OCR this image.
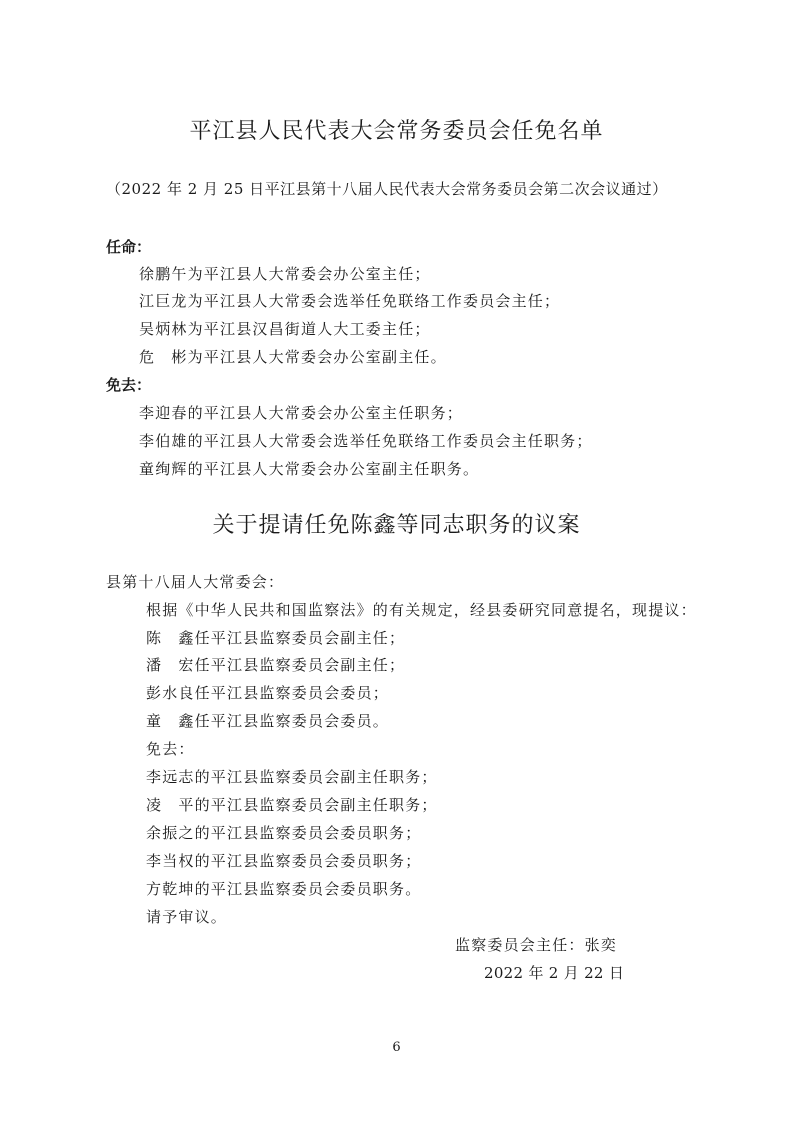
平江县人民代表大会常务委员会任免名单
（2022 年 2 月 25 日平江县第十八届人民代表大会常务委员会第二次会议通过）
任命：
徐鹏午为平江县人大常委会办公室主任；
江巨龙为平江县人大常委会选举任免联络工作委员会主任；
吴炳林为平江县汉昌街道人大工委主任；
危　彬为平江县人大常委会办公室副主任。
免去：
李迎春的平江县人大常委会办公室主任职务；
李伯雄的平江县人大常委会选举任免联络工作委员会主任职务；
童绚辉的平江县人大常委会办公室副主任职务。
关于提请任免陈鑫等同志职务的议案
县第十八届人大常委会：
根据《中华人民共和国监察法》的有关规定，经县委研究同意提名，现提议：
陈　鑫任平江县监察委员会副主任；
潘　宏任平江县监察委员会副主任；
彭水良任平江县监察委员会委员；
童　鑫任平江县监察委员会委员。
免去：
李远志的平江县监察委员会副主任职务；
凌　平的平江县监察委员会副主任职务；
余振之的平江县监察委员会委员职务；
李当权的平江县监察委员会委员职务；
方乾坤的平江县监察委员会委员职务。
请予审议。
监察委员会主任：张奕
2022 年 2 月 22 日
6
